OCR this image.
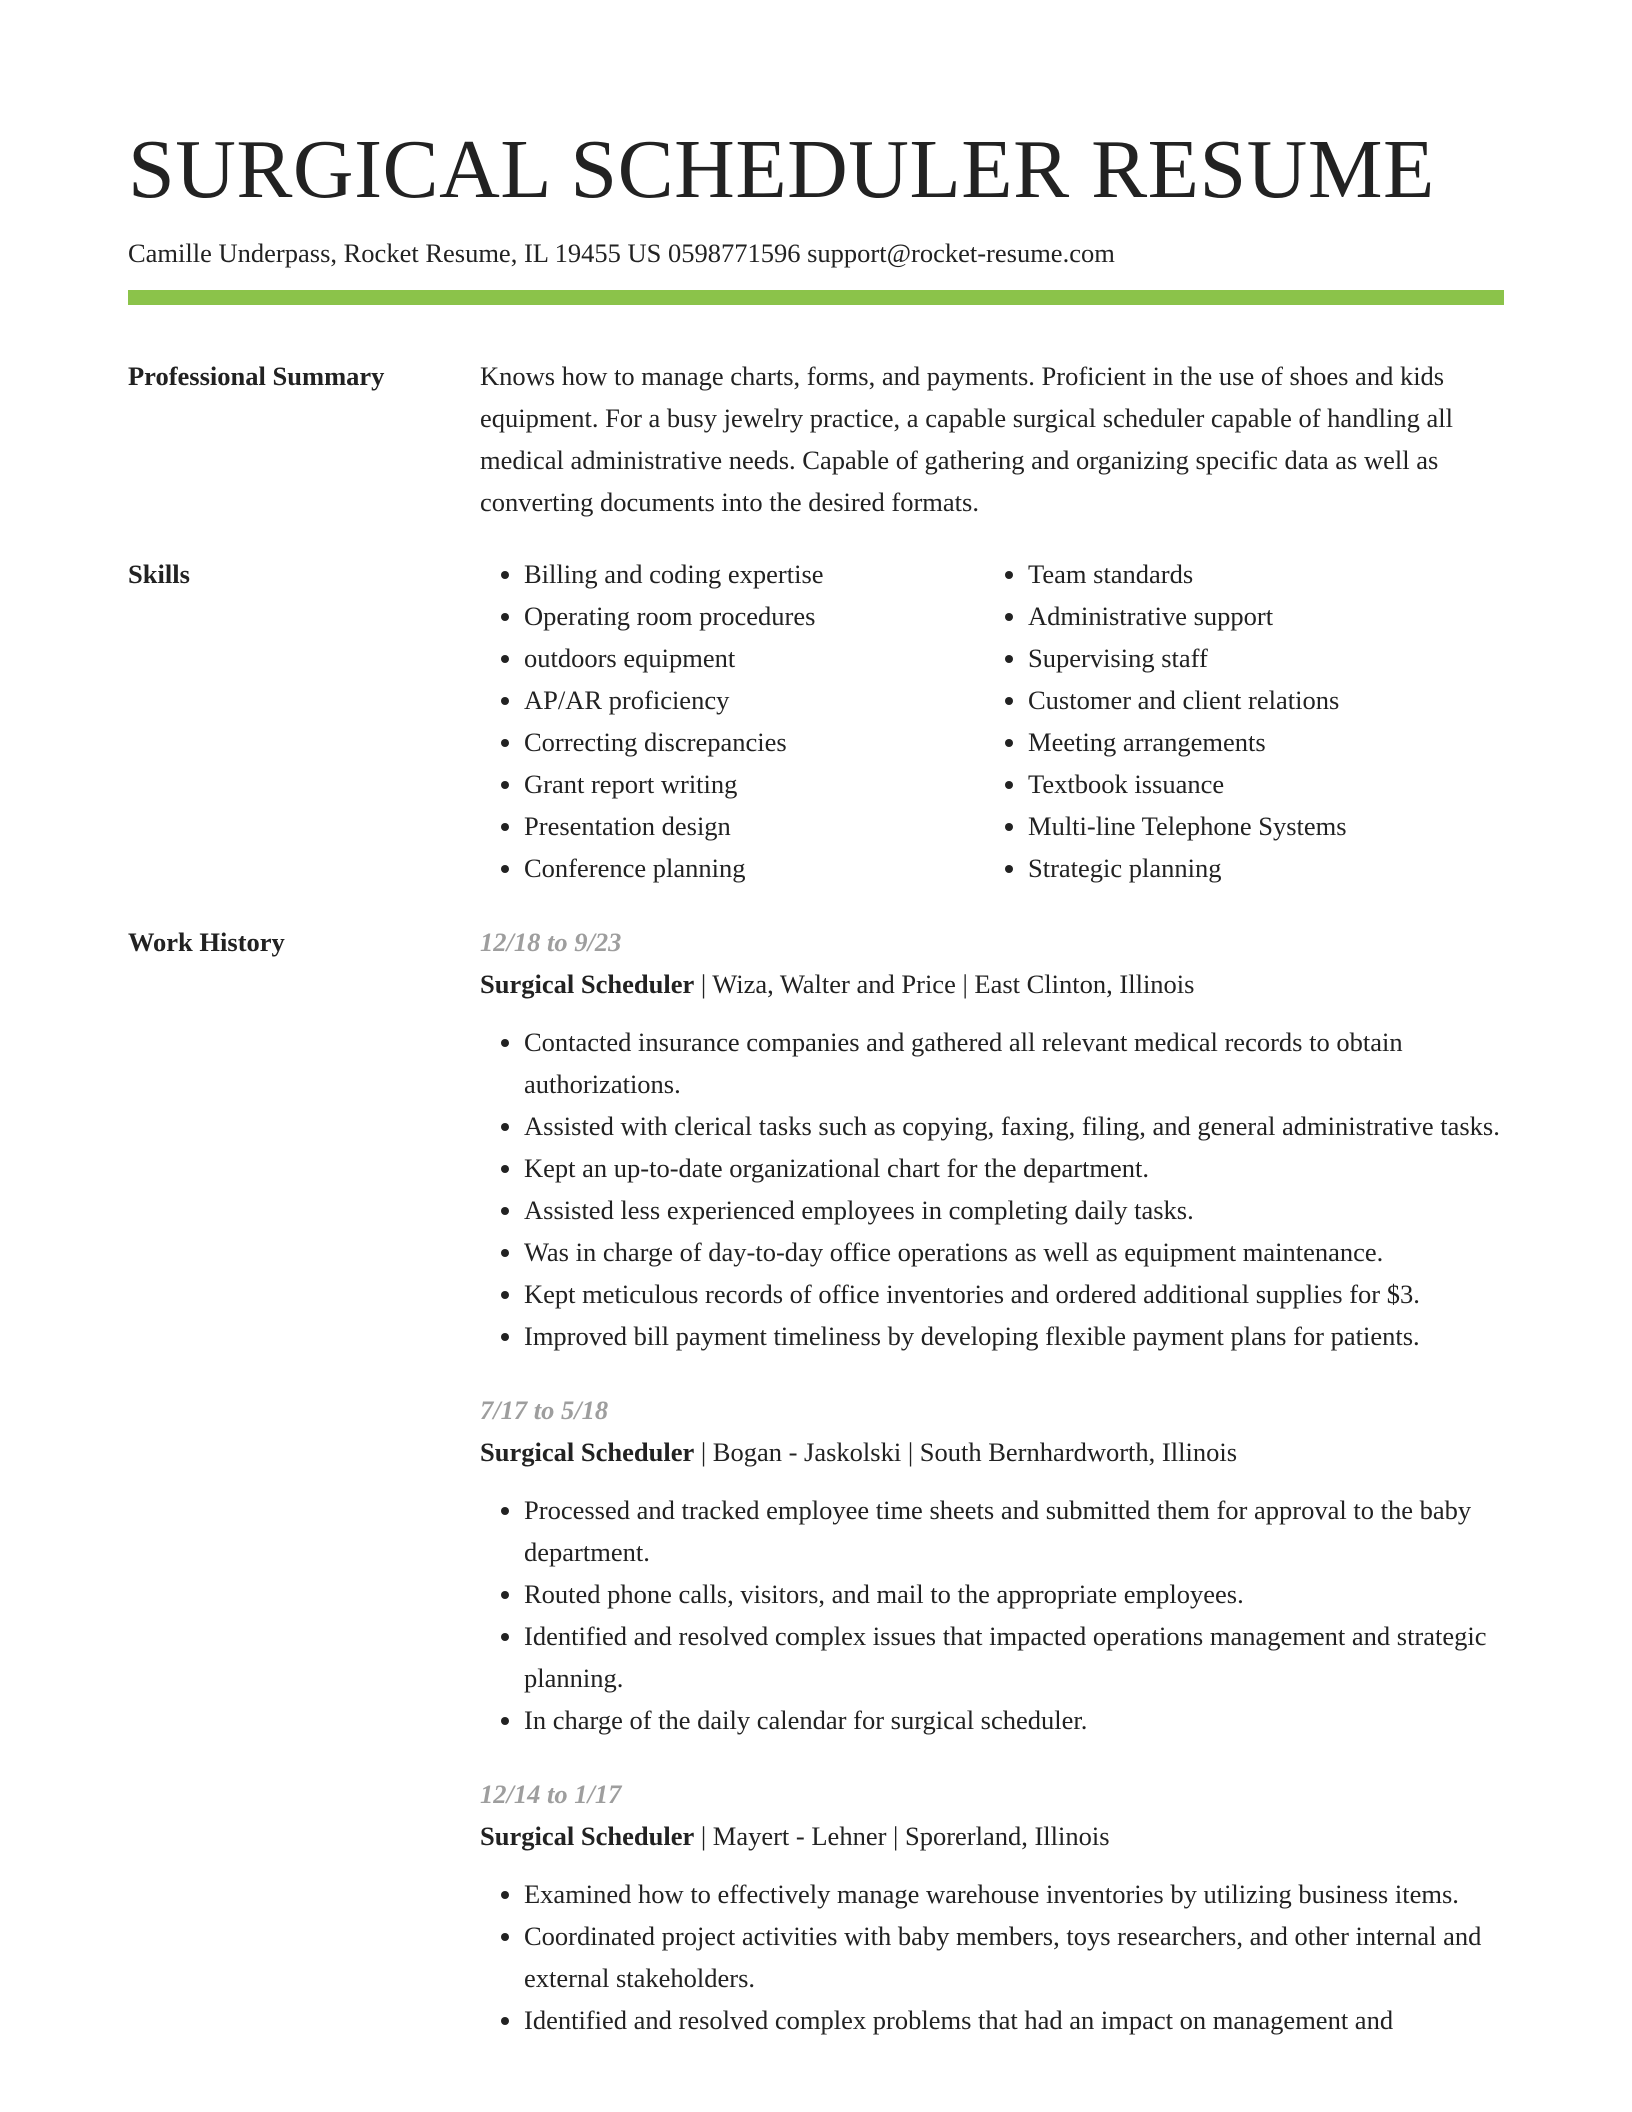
SURGICAL SCHEDULER RESUME
Camille Underpass, Rocket Resume, IL 19455 US 0598771596 support@rocket-resume.com
Professional Summary	Knows how to manage charts, forms, and payments. Proficient in the use of shoes and kids equipment. For a busy jewelry practice, a capable surgical scheduler capable of handling all medical administrative needs. Capable of gathering and organizing specific data as well as converting documents into the desired formats.

Skills
•	Billing and coding expertise
• Operating room procedures
• outdoors equipment
• AP/AR proficiency
• Correcting discrepancies
• Grant report writing
• Presentation design
• Conference planning
• Team standards
• Administrative support
• Supervising staff
• Customer and client relations
• Meeting arrangements
• Textbook issuance
• Multi-line Telephone Systems
• Strategic planning
Work History	12/18 to 9/23
Surgical Scheduler | Wiza, Walter and Price | East Clinton, Illinois
• Contacted insurance companies and gathered all relevant medical records to obtain authorizations.
• Assisted with clerical tasks such as copying, faxing, filing, and general administrative tasks.
• Kept an up-to-date organizational chart for the department.
• Assisted less experienced employees in completing daily tasks.
• Was in charge of day-to-day office operations as well as equipment maintenance.
• Kept meticulous records of office inventories and ordered additional supplies for $3.
• Improved bill payment timeliness by developing flexible payment plans for patients.
7/17 to 5/18
Surgical Scheduler | Bogan - Jaskolski | South Bernhardworth, Illinois
• Processed and tracked employee time sheets and submitted them for approval to the baby department.
• Routed phone calls, visitors, and mail to the appropriate employees.
• Identified and resolved complex issues that impacted operations management and strategic planning.
• In charge of the daily calendar for surgical scheduler.
12/14 to 1/17
Surgical Scheduler | Mayert - Lehner | Sporerland, Illinois
• Examined how to effectively manage warehouse inventories by utilizing business items.
• Coordinated project activities with baby members, toys researchers, and other internal and external stakeholders.
• Identified and resolved complex problems that had an impact on management and
